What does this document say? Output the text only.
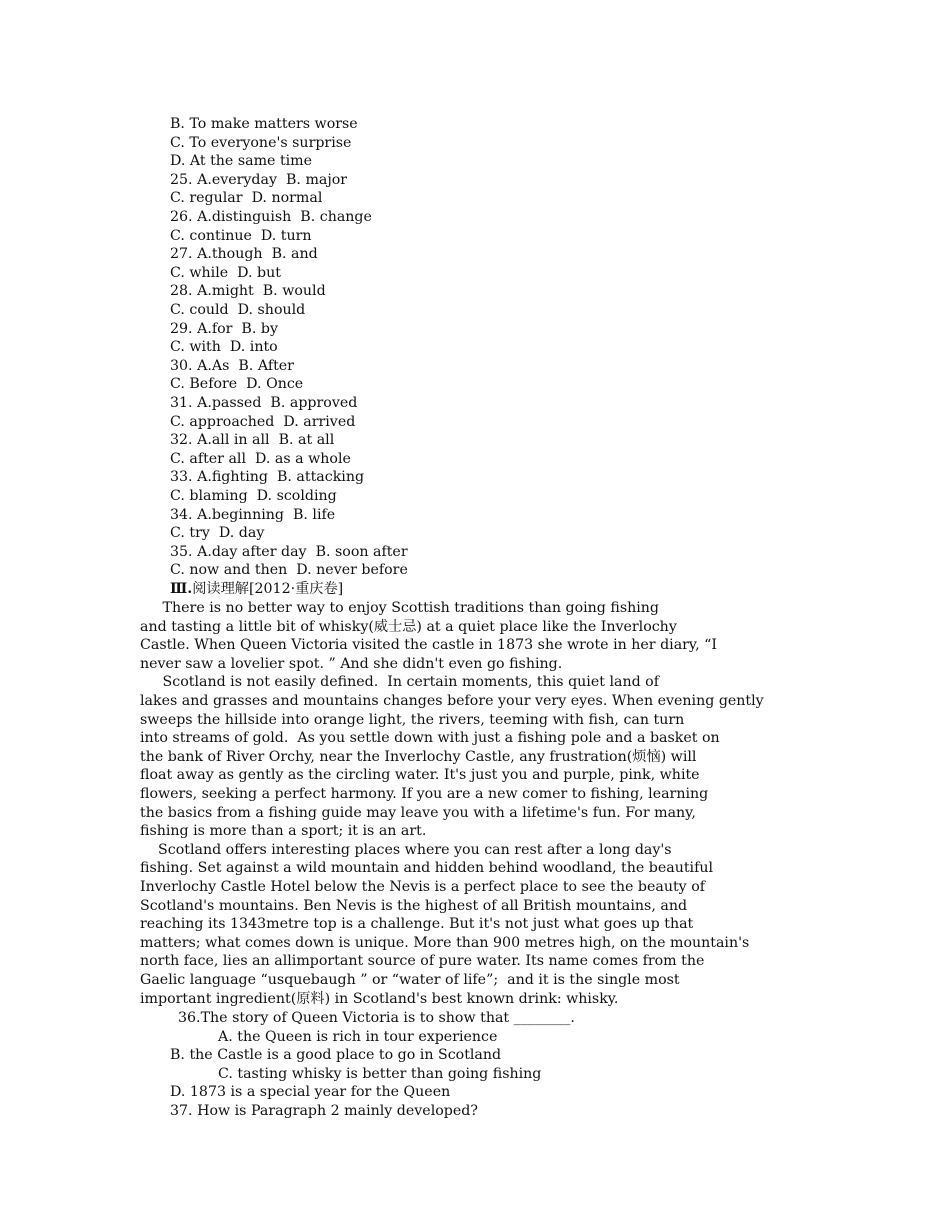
B. To make matters worse
C. To everyone's surprise
D. At the same time
25. A.everyday  B. major
C. regular  D. normal
26. A.distinguish  B. change
C. continue  D. turn
27. A.though  B. and
C. while  D. but
28. A.might  B. would
C. could  D. should
29. A.for  B. by
C. with  D. into
30. A.As  B. After
C. Before  D. Once
31. A.passed  B. approved
C. approached  D. arrived
32. A.all in all  B. at all
C. after all  D. as a whole
33. A.fighting  B. attacking
C. blaming  D. scolding
34. A.beginning  B. life
C. try  D. day
35. A.day after day  B. soon after
C. now and then  D. never before
Ⅲ.阅读理解[2012·重庆卷]
There is no better way to enjoy Scottish traditions than going fishing
and tasting a little bit of whisky(威士忌) at a quiet place like the Inverlochy
Castle. When Queen Victoria visited the castle in 1873 she wrote in her diary, “I
never saw a lovelier spot. ” And she didn't even go fishing.
Scotland is not easily defined.  In certain moments, this quiet land of
lakes and grasses and mountains changes before your very eyes. When evening gently
sweeps the hillside into orange light, the rivers, teeming with fish, can turn
into streams of gold.  As you settle down with just a fishing pole and a basket on
the bank of River Orchy, near the Inverlochy Castle, any frustration(烦恼) will
float away as gently as the circling water. It's just you and purple, pink, white
flowers, seeking a perfect harmony. If you are a new comer to fishing, learning
the basics from a fishing guide may leave you with a lifetime's fun. For many,
fishing is more than a sport; it is an art.
Scotland offers interesting places where you can rest after a long day's
fishing. Set against a wild mountain and hidden behind woodland, the beautiful
Inverlochy Castle Hotel below the Nevis is a perfect place to see the beauty of
Scotland's mountains. Ben Nevis is the highest of all British mountains, and
reaching its 1343metre top is a challenge. But it's not just what goes up that
matters; what comes down is unique. More than 900 metres high, on the mountain's
north face, lies an allimportant source of pure water. Its name comes from the
Gaelic language “usquebaugh ” or “water of life”;  and it is the single most
important ingredient(原料) in Scotland's best known drink: whisky.
36.The story of Queen Victoria is to show that ________.
A. the Queen is rich in tour experience
B. the Castle is a good place to go in Scotland
C. tasting whisky is better than going fishing
D. 1873 is a special year for the Queen
37. How is Paragraph 2 mainly developed?
